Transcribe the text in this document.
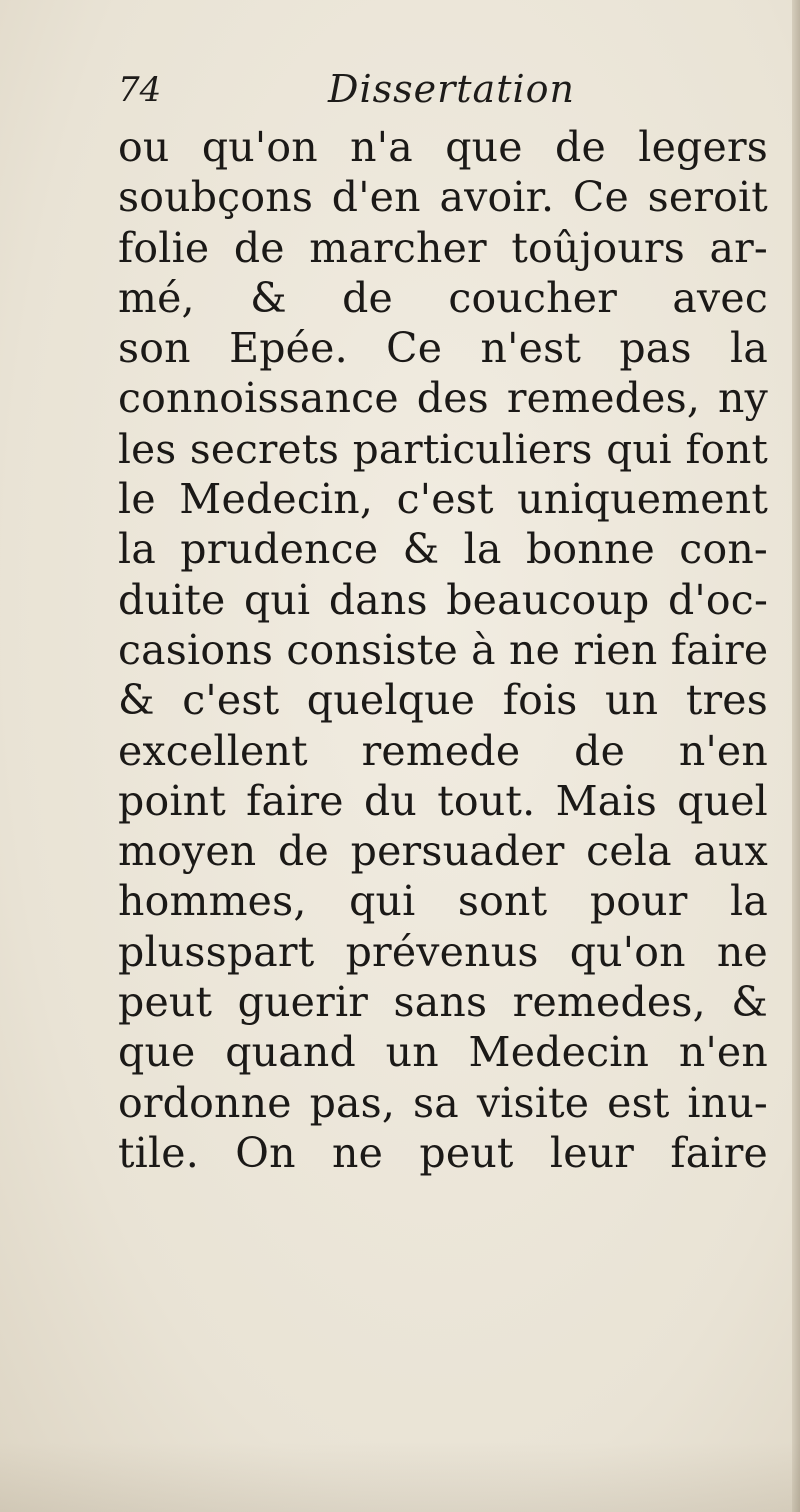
74	Dissertation
ou qu'on n'a que de legers
soubçons d'en avoir. Ce seroit
folie de marcher toûjours ar-
mé, & de coucher avec
son Epée. Ce n'est pas la
connoissance des remedes, ny
les secrets particuliers qui font
le Medecin, c'est uniquement
la prudence & la bonne con-
duite qui dans beaucoup d'oc-
casions consiste à ne rien faire
& c'est quelque fois un tres
excellent remede de n'en
point faire du tout. Mais quel
moyen de persuader cela aux
hommes, qui sont pour la
plusspart prévenus qu'on ne
peut guerir sans remedes, &
que quand un Medecin n'en
ordonne pas, sa visite est inu-
tile. On ne peut leur faire
